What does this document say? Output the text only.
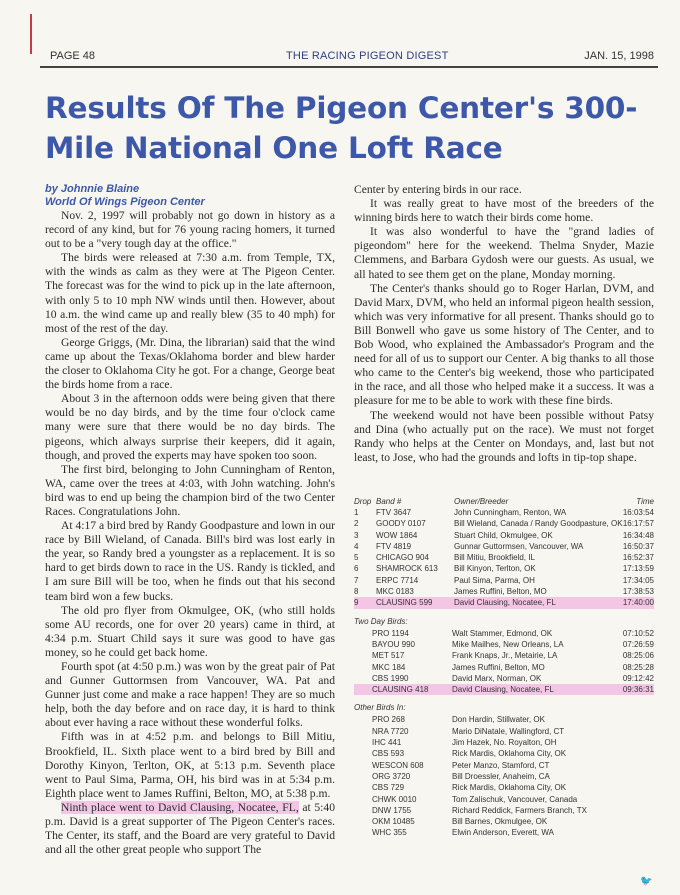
PAGE 48	THE RACING PIGEON DIGEST	JAN. 15, 1998
Results Of The Pigeon Center's 300-Mile National One Loft Race
by Johnnie Blaine
World Of Wings Pigeon Center

Nov. 2, 1997 will probably not go down in history as a record of any kind, but for 76 young racing homers, it turned out to be a "very tough day at the office."

The birds were released at 7:30 a.m. from Temple, TX, with the winds as calm as they were at The Pigeon Center. The forecast was for the wind to pick up in the late afternoon, with only 5 to 10 mph NW winds until then. However, about 10 a.m. the wind came up and really blew (35 to 40 mph) for most of the rest of the day.

George Griggs, (Mr. Dina, the librarian) said that the wind came up about the Texas/Oklahoma border and blew harder the closer to Oklahoma City he got. For a change, George beat the birds home from a race.

About 3 in the afternoon odds were being given that there would be no day birds, and by the time four o'clock came many were sure that there would be no day birds. The pigeons, which always surprise their keepers, did it again, though, and proved the experts may have spoken too soon.

The first bird, belonging to John Cunningham of Renton, WA, came over the trees at 4:03, with John watching. John's bird was to end up being the champion bird of the two Center Races. Congratulations John.

At 4:17 a bird bred by Randy Goodpasture and lown in our race by Bill Wieland, of Canada. Bill's bird was lost early in the year, so Randy bred a youngster as a replacement. It is so hard to get birds down to race in the US. Randy is tickled, and I am sure Bill will be too, when he finds out that his second team bird won a few bucks.

The old pro flyer from Okmulgee, OK, (who still holds some AU records, one for over 20 years) came in third, at 4:34 p.m. Stuart Child says it sure was good to have gas money, so he could get back home.

Fourth spot (at 4:50 p.m.) was won by the great pair of Pat and Gunner Guttormsen from Vancouver, WA. Pat and Gunner just come and make a race happen! They are so much help, both the day before and on race day, it is hard to think about ever having a race without these wonderful folks.

Fifth was in at 4:52 p.m. and belongs to Bill Mitiu, Brookfield, IL. Sixth place went to a bird bred by Bill and Dorothy Kinyon, Terlton, OK, at 5:13 p.m. Seventh place went to Paul Sima, Parma, OH, his bird was in at 5:34 p.m. Eighth place went to James Ruffini, Belton, MO, at 5:38 p.m.

Ninth place went to David Clausing, Nocatee, FL, at 5:40 p.m. David is a great supporter of The Pigeon Center's races. The Center, its staff, and the Board are very grateful to David and all the other great people who support The

Center by entering birds in our race.

It was really great to have most of the breeders of the winning birds here to watch their birds come home.

It was also wonderful to have the "grand ladies of pigeondom" here for the weekend. Thelma Snyder, Mazie Clemmens, and Barbara Gydosh were our guests. As usual, we all hated to see them get on the plane, Monday morning.

The Center's thanks should go to Roger Harlan, DVM, and David Marx, DVM, who held an informal pigeon health session, which was very informative for all present. Thanks should go to Bill Bonwell who gave us some history of The Center, and to Bob Wood, who explained the Ambassador's Program and the need for all of us to support our Center. A big thanks to all those who came to the Center's big weekend, those who participated in the race, and all those who helped make it a success. It was a pleasure for me to be able to work with these fine birds.

The weekend would not have been possible without Patsy and Dina (who actually put on the race). We must not forget Randy who helps at the Center on Mondays, and, last but not least, to Jose, who had the grounds and lofts in tip-top shape.

Drop Band #	Owner/Breeder	Time
1 FTV 3647	John Cunningham, Renton, WA	16:03:54
2 GOODY 0107	Bill Wieland, Canada / Randy Goodpasture, OK 16:17:57
3 WOW 1864	Stuart Child, Okmulgee, OK	16:34:48
4 FTV 4819	Gunnar Guttormsen, Vancouver, WA	16:50:37
5 CHICAGO 904	Bill Mitiu, Brookfield, IL	16:52:37
6 SHAMROCK 613 Bill Kinyon, Terlton, OK	17:13:59
7 ERPC 7714	Paul Sima, Parma, OH	17:34:05
8 MKC 0183	James Ruffini, Belton, MO	17:38:53
9 CLAUSING 599	David Clausing, Nocatee, FL	17:40:00
Two Day Birds:
PRO 1194	Walt Stammer, Edmond, OK	07:10:52
BAYOU 990	Mike Mailhes, New Orleans, LA	07:26:59
MET 517	Frank Knaps, Jr., Metairie, LA	08:25:06
MKC 184	James Ruffini, Belton, MO	08:25:28
CBS 1990	David Marx, Norman, OK	09:12:42
CLAUSING 418	David Clausing, Nocatee, FL	09:36:31
Other Birds In:
PRO 268	Don Hardin, Stillwater, OK
NRA 7720	Mario DiNatale, Wallingford, CT
IHC 441	Jim Hazek, No. Royalton, OH
CBS 593	Rick Mardis, Oklahoma City, OK
WESCON 608	Peter Manzo, Stamford, CT
ORG 3720	Bill Droessler, Anaheim, CA
CBS 729	Rick Mardis, Oklahoma City, OK
CHWK 0010	Tom Zalischuk, Vancouver, Canada
DNW 1755	Richard Reddick, Farmers Branch, TX
OKM 10485	Bill Barnes, Okmulgee, OK
WHC 355	Elwin Anderson, Everett, WA
🐦
